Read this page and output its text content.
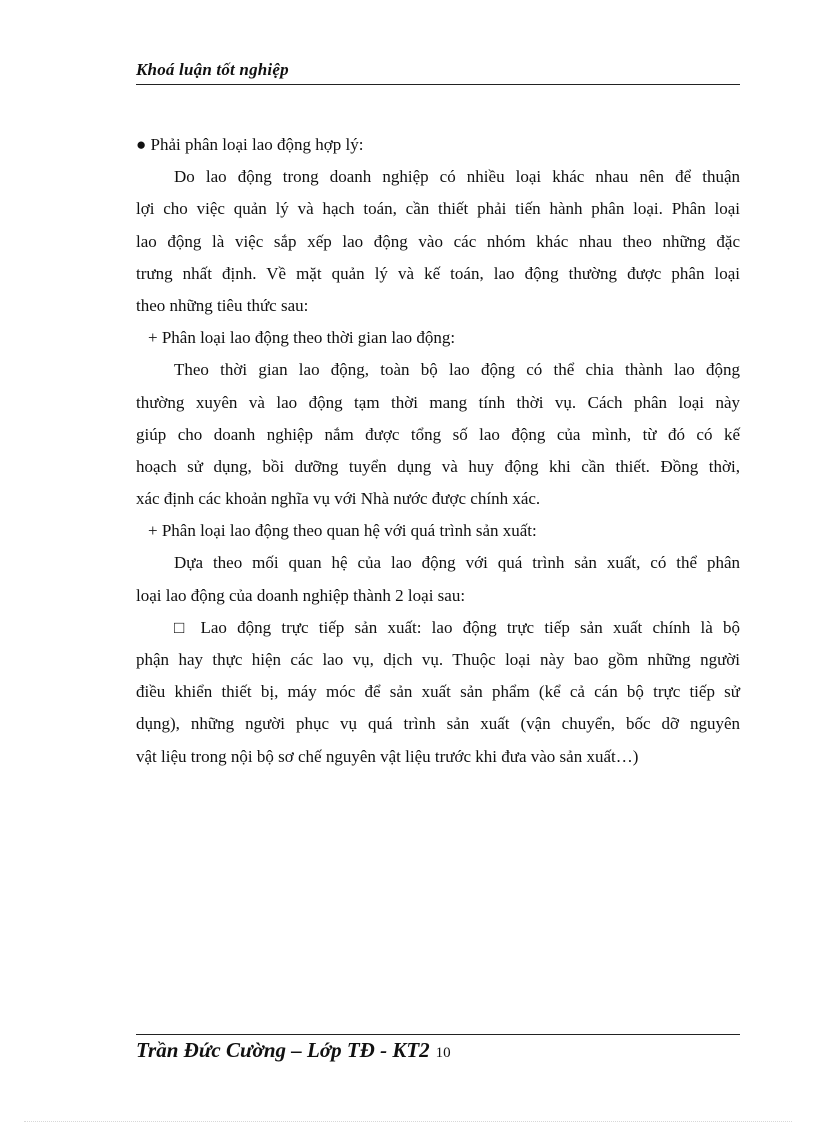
Khoá luận tốt nghiệp
● Phải phân loại lao động hợp lý:
Do lao động trong doanh nghiệp có nhiều loại khác nhau nên để thuận
lợi cho việc quản lý và hạch toán, cần thiết phải tiến hành phân loại. Phân loại
lao động là việc sắp xếp lao động vào các nhóm khác nhau theo những đặc
trưng nhất định. Về mặt quản lý và kế toán, lao động thường được phân loại
theo những tiêu thức sau:
+ Phân loại lao động theo thời gian lao động:
Theo thời gian lao động, toàn bộ lao động có thể chia thành lao động
thường xuyên và lao động tạm thời mang tính thời vụ. Cách phân loại này
giúp cho doanh nghiệp nắm được tổng số lao động của mình, từ đó có kế
hoạch sử dụng, bồi dưỡng tuyển dụng và huy động khi cần thiết. Đồng thời,
xác định các khoản nghĩa vụ với Nhà nước được chính xác.
+ Phân loại lao động theo quan hệ với quá trình sản xuất:
Dựa theo mối quan hệ của lao động với quá trình sản xuất, có thể phân
loại lao động của doanh nghiệp thành 2 loại sau:
□ Lao động trực tiếp sản xuất: lao động trực tiếp sản xuất chính là bộ
phận hay thực hiện các lao vụ, dịch vụ. Thuộc loại này bao gồm những người
điều khiển thiết bị, máy móc để sản xuất sản phẩm (kể cả cán bộ trực tiếp sử
dụng), những người phục vụ quá trình sản xuất (vận chuyển, bốc dỡ nguyên
vật liệu trong nội bộ sơ chế nguyên vật liệu trước khi đưa vào sản xuất…)
Trần Đức Cường – Lớp TĐ - KT2 10
